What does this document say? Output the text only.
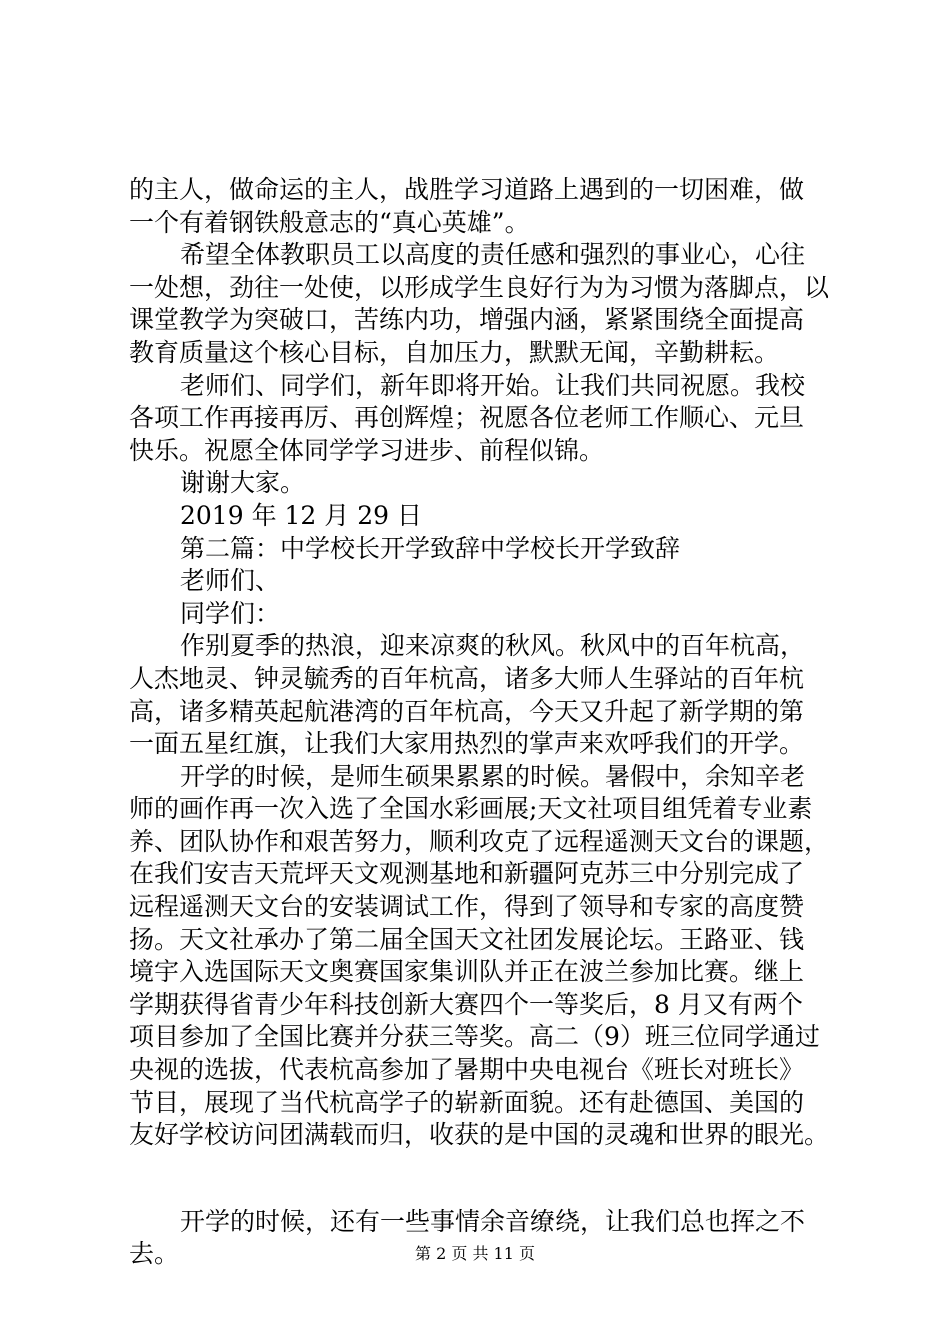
的主人，做命运的主人，战胜学习道路上遇到的一切困难，做
一个有着钢铁般意志的“真心英雄”。
希望全体教职员工以高度的责任感和强烈的事业心，心往
一处想，劲往一处使，以形成学生良好行为为习惯为落脚点，以
课堂教学为突破口，苦练内功，增强内涵，紧紧围绕全面提高
教育质量这个核心目标，自加压力，默默无闻，辛勤耕耘。
老师们、同学们，新年即将开始。让我们共同祝愿。我校
各项工作再接再厉、再创辉煌；祝愿各位老师工作顺心、元旦
快乐。祝愿全体同学学习进步、前程似锦。
谢谢大家。
2019 年 12 月 29 日
第二篇：中学校长开学致辞中学校长开学致辞
老师们、
同学们：
作别夏季的热浪，迎来凉爽的秋风。秋风中的百年杭高，
人杰地灵、钟灵毓秀的百年杭高，诸多大师人生驿站的百年杭
高，诸多精英起航港湾的百年杭高，今天又升起了新学期的第
一面五星红旗，让我们大家用热烈的掌声来欢呼我们的开学。
开学的时候，是师生硕果累累的时候。暑假中，余知辛老
师的画作再一次入选了全国水彩画展;天文社项目组凭着专业素
养、团队协作和艰苦努力，顺利攻克了远程遥测天文台的课题，
在我们安吉天荒坪天文观测基地和新疆阿克苏三中分别完成了
远程遥测天文台的安装调试工作，得到了领导和专家的高度赞
扬。天文社承办了第二届全国天文社团发展论坛。王路亚、钱
境宇入选国际天文奥赛国家集训队并正在波兰参加比赛。继上
学期获得省青少年科技创新大赛四个一等奖后，8 月又有两个
项目参加了全国比赛并分获三等奖。高二（9）班三位同学通过
央视的选拔，代表杭高参加了暑期中央电视台《班长对班长》
节目，展现了当代杭高学子的崭新面貌。还有赴德国、美国的
友好学校访问团满载而归，收获的是中国的灵魂和世界的眼光。
开学的时候，还有一些事情余音缭绕，让我们总也挥之不
去。	第 2 页 共 11 页
